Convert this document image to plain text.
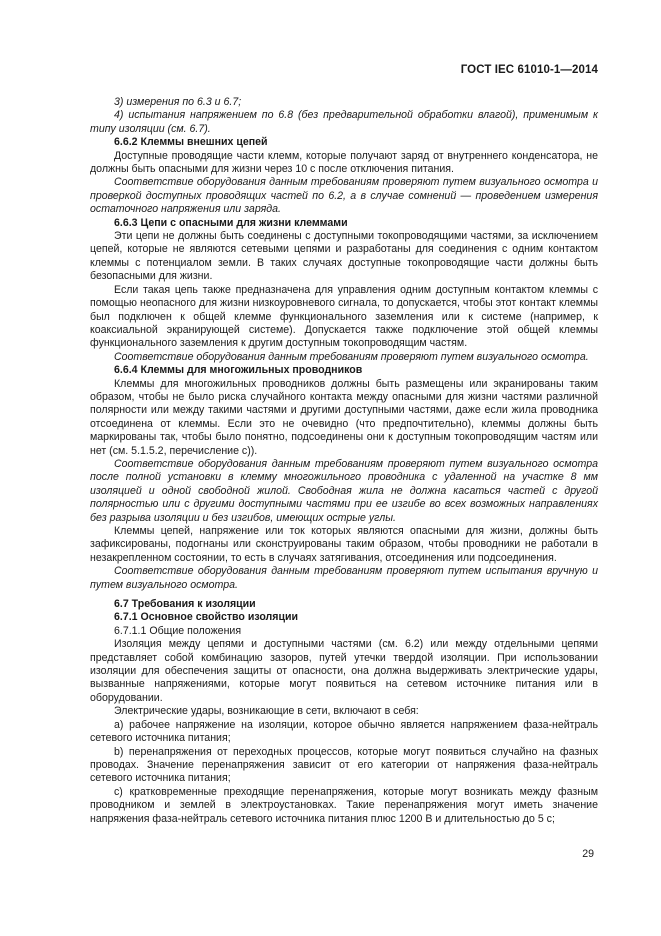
ГОСТ IEC 61010-1—2014

3) измерения по 6.3 и 6.7;

4) испытания напряжением по 6.8 (без предварительной обработки влагой), применимым к типу изоляции (см. 6.7).

6.6.2 Клеммы внешних цепей

Доступные проводящие части клемм, которые получают заряд от внутреннего конденсатора, не должны быть опасными для жизни через 10 с после отключения питания.

Соответствие оборудования данным требованиям проверяют путем визуального осмотра и проверкой доступных проводящих частей по 6.2, а в случае сомнений — проведением измерения остаточного напряжения или заряда.

6.6.3 Цепи с опасными для жизни клеммами

Эти цепи не должны быть соединены с доступными токопроводящими частями, за исключением цепей, которые не являются сетевыми цепями и разработаны для соединения с одним контактом клеммы с потенциалом земли. В таких случаях доступные токопроводящие части должны быть безопасными для жизни.

Если такая цепь также предназначена для управления одним доступным контактом клеммы с помощью неопасного для жизни низкоуровневого сигнала, то допускается, чтобы этот контакт клеммы был подключен к общей клемме функционального заземления или к системе (например, к коаксиальной экранирующей системе). Допускается также подключение этой общей клеммы функционального заземления к другим доступным токопроводящим частям.

Соответствие оборудования данным требованиям проверяют путем визуального осмотра.

6.6.4 Клеммы для многожильных проводников

Клеммы для многожильных проводников должны быть размещены или экранированы таким образом, чтобы не было риска случайного контакта между опасными для жизни частями различной полярности или между такими частями и другими доступными частями, даже если жила проводника отсоединена от клеммы. Если это не очевидно (что предпочтительно), клеммы должны быть маркированы так, чтобы было понятно, подсоединены они к доступным токопроводящим частям или нет (см. 5.1.5.2, перечисление с)).

Соответствие оборудования данным требованиям проверяют путем визуального осмотра после полной установки в клемму многожильного проводника с удаленной на участке 8 мм изоляцией и одной свободной жилой. Свободная жила не должна касаться частей с другой полярностью или с другими доступными частями при ее изгибе во всех возможных направлениях без разрыва изоляции и без изгибов, имеющих острые углы.

Клеммы цепей, напряжение или ток которых являются опасными для жизни, должны быть зафиксированы, подогнаны или сконструированы таким образом, чтобы проводники не работали в незакрепленном состоянии, то есть в случаях затягивания, отсоединения или подсоединения.

Соответствие оборудования данным требованиям проверяют путем испытания вручную и путем визуального осмотра.

6.7 Требования к изоляции

6.7.1 Основное свойство изоляции

6.7.1.1 Общие положения

Изоляция между цепями и доступными частями (см. 6.2) или между отдельными цепями представляет собой комбинацию зазоров, путей утечки твердой изоляции. При использовании изоляции для обеспечения защиты от опасности, она должна выдерживать электрические удары, вызванные напряжениями, которые могут появиться на сетевом источнике питания или в оборудовании.

Электрические удары, возникающие в сети, включают в себя:

а) рабочее напряжение на изоляции, которое обычно является напряжением фаза-нейтраль сетевого источника питания;

b) перенапряжения от переходных процессов, которые могут появиться случайно на фазных проводах. Значение перенапряжения зависит от его категории от напряжения фаза-нейтраль сетевого источника питания;

с) кратковременные преходящие перенапряжения, которые могут возникать между фазным проводником и землей в электроустановках. Такие перенапряжения могут иметь значение напряжения фаза-нейтраль сетевого источника питания плюс 1200 В и длительностью до 5 с;

29
